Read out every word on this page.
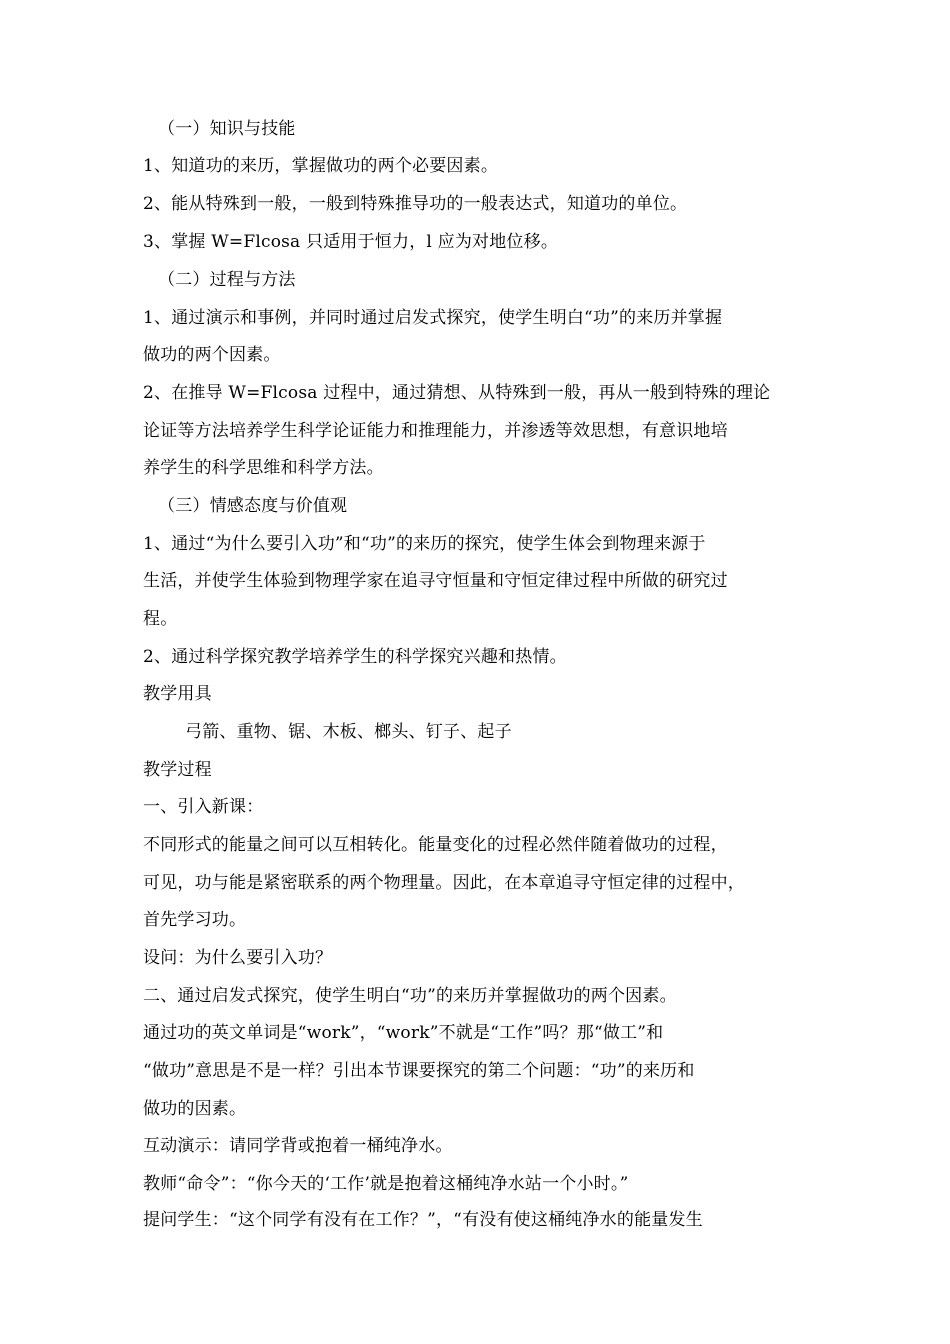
（一）知识与技能
1、知道功的来历，掌握做功的两个必要因素。
2、能从特殊到一般，一般到特殊推导功的一般表达式，知道功的单位。
3、掌握 W=Flcosa 只适用于恒力，l 应为对地位移。
（二）过程与方法
1、通过演示和事例，并同时通过启发式探究，使学生明白“功”的来历并掌握
做功的两个因素。
2、在推导 W=Flcosa 过程中，通过猜想、从特殊到一般，再从一般到特殊的理论
论证等方法培养学生科学论证能力和推理能力，并渗透等效思想，有意识地培
养学生的科学思维和科学方法。
（三）情感态度与价值观
1、通过“为什么要引入功”和“功”的来历的探究，使学生体会到物理来源于
生活，并使学生体验到物理学家在追寻守恒量和守恒定律过程中所做的研究过
程。
2、通过科学探究教学培养学生的科学探究兴趣和热情。
教学用具
弓箭、重物、锯、木板、榔头、钉子、起子
教学过程
一、引入新课：
不同形式的能量之间可以互相转化。能量变化的过程必然伴随着做功的过程，
可见，功与能是紧密联系的两个物理量。因此，在本章追寻守恒定律的过程中，
首先学习功。
设问：为什么要引入功？
二、通过启发式探究，使学生明白“功”的来历并掌握做功的两个因素。
通过功的英文单词是“work”，“work”不就是“工作”吗？那“做工”和
“做功”意思是不是一样？引出本节课要探究的第二个问题：“功”的来历和
做功的因素。
互动演示：请同学背或抱着一桶纯净水。
教师“命令”：“你今天的‘工作’就是抱着这桶纯净水站一个小时。”
提问学生：“这个同学有没有在工作？”，“有没有使这桶纯净水的能量发生
